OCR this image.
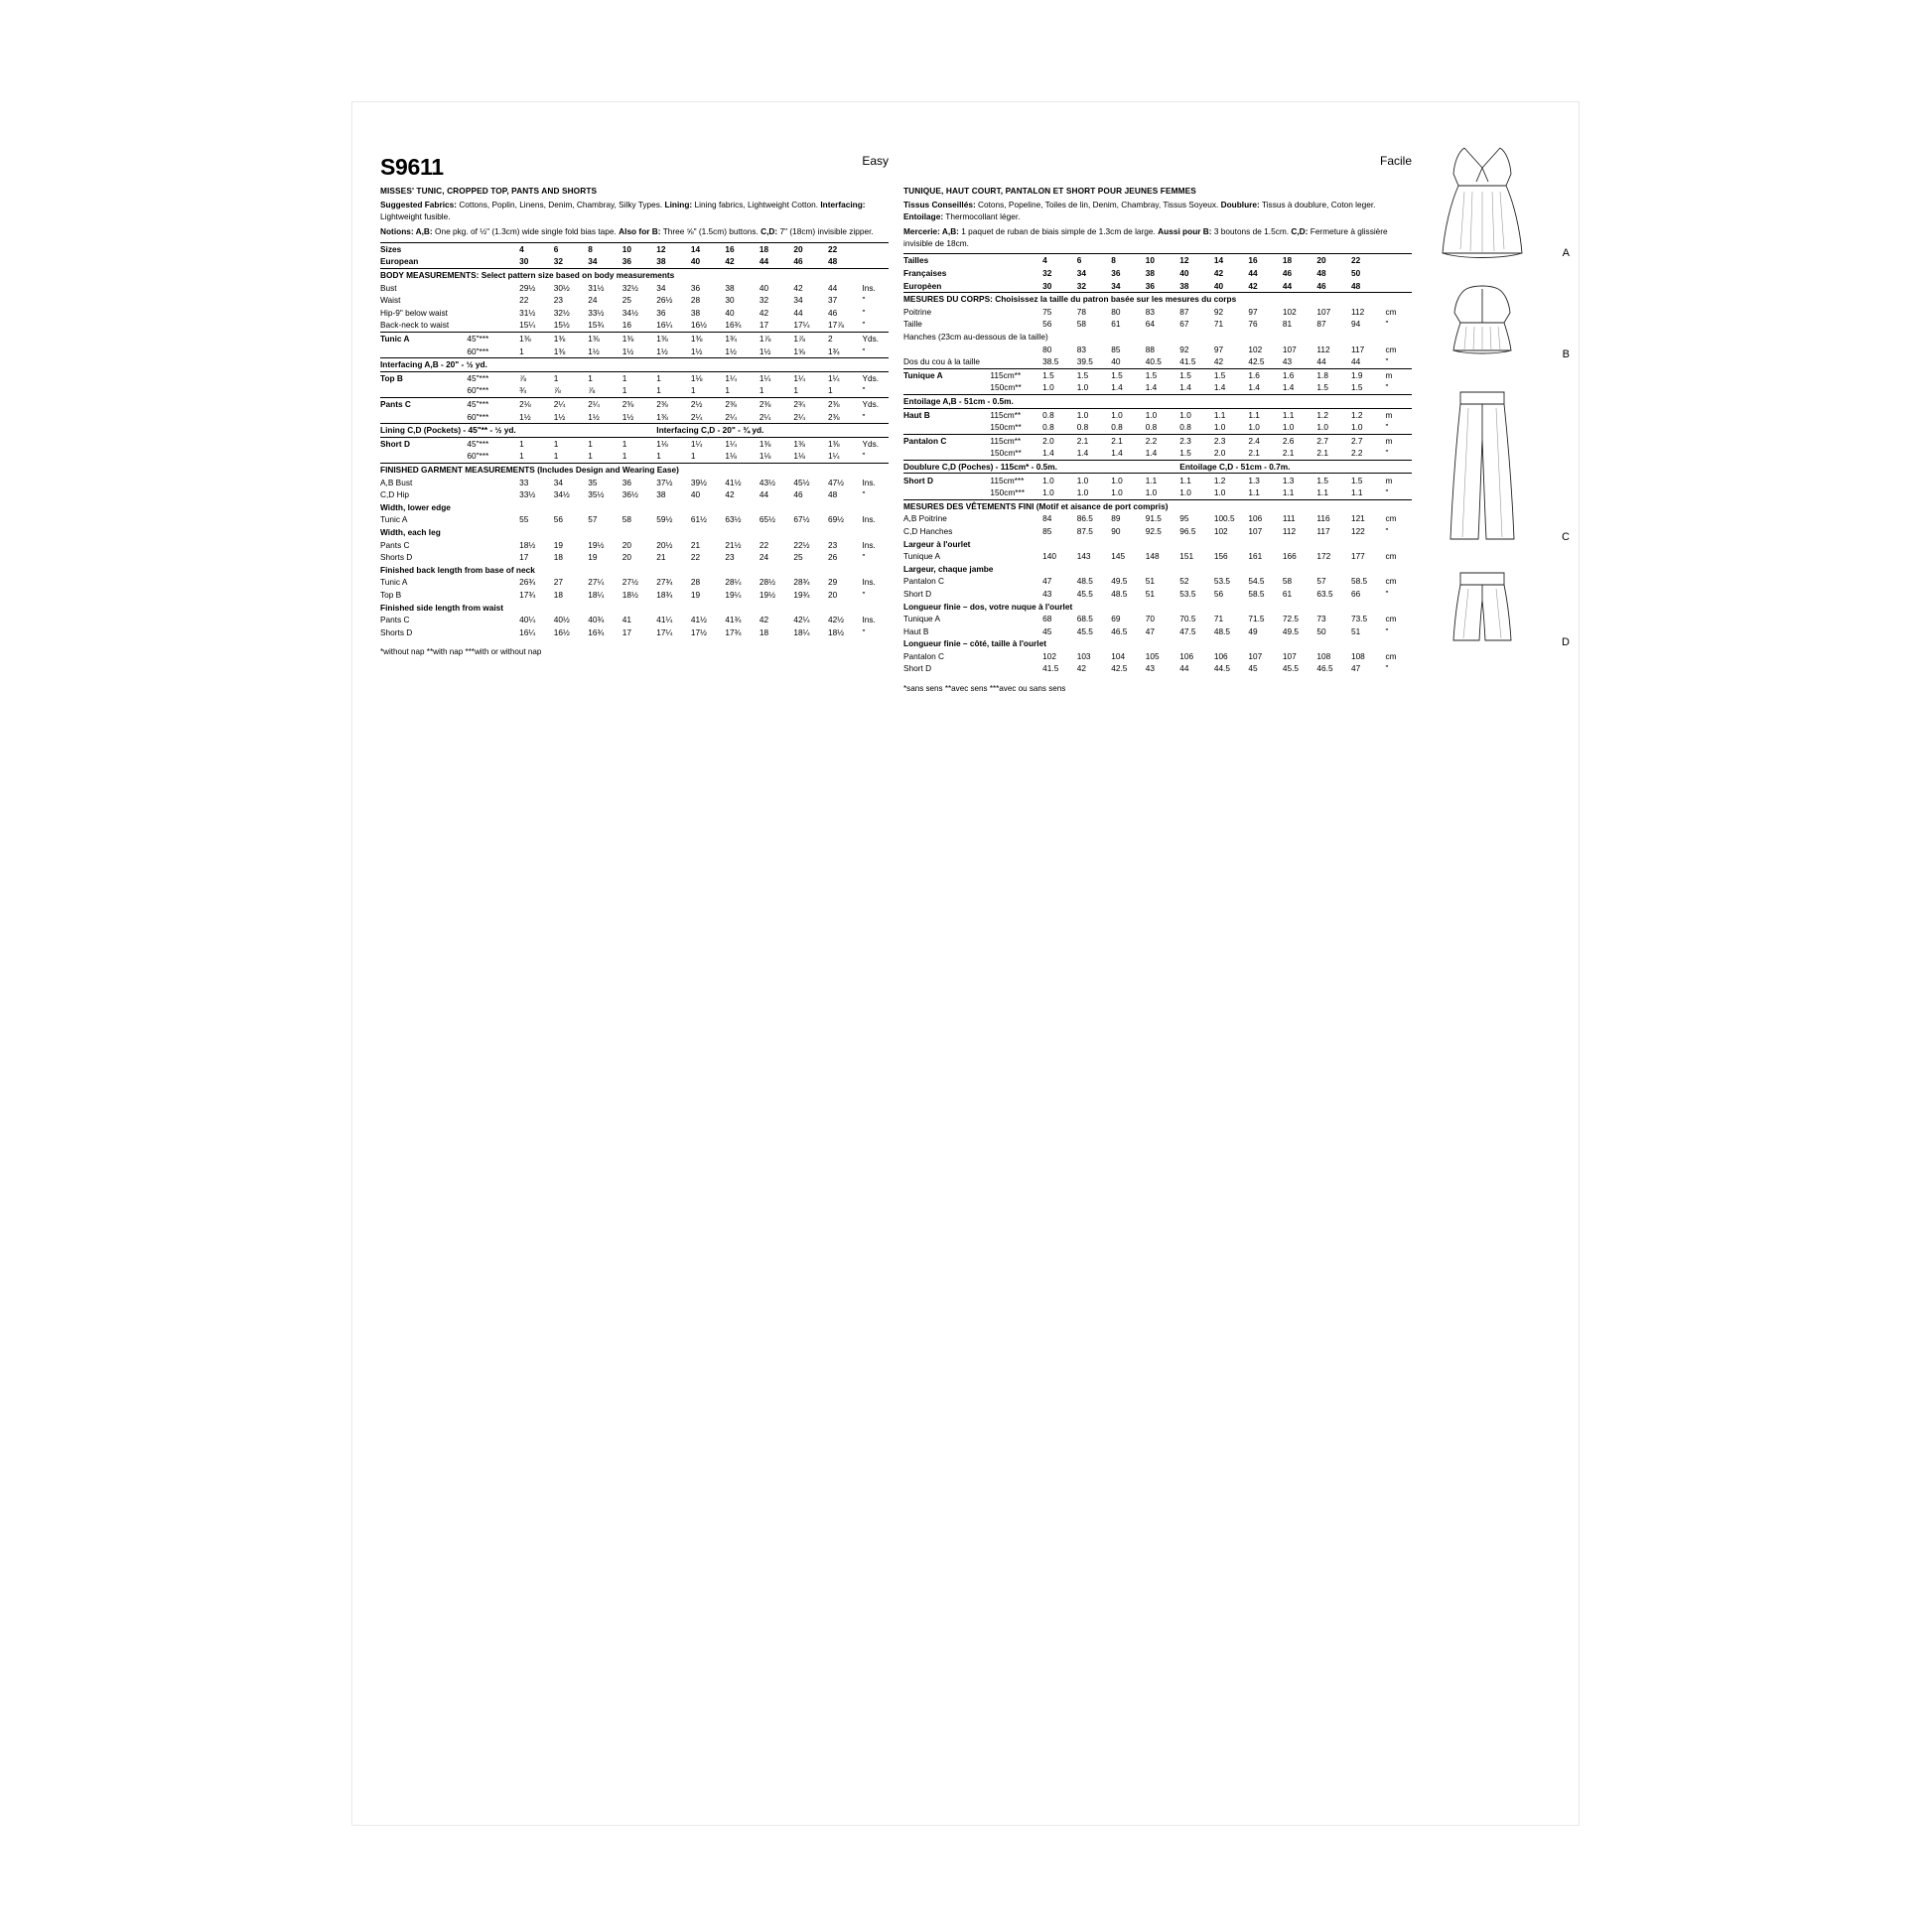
S9611	Easy
MISSES' TUNIC, CROPPED TOP, PANTS AND SHORTS
Suggested Fabrics: Cottons, Poplin, Linens, Denim, Chambray, Silky Types. Lining: Lining fabrics, Lightweight Cotton. Interfacing: Lightweight fusible.
Notions: A,B: One pkg. of ½" (1.3cm) wide single fold bias tape. Also for B: Three ⅝" (1.5cm) buttons. C,D: 7" (18cm) invisible zipper.
Sizes		4	6	8	10	12	14	16	18	20	22	
European		30	32	34	36	38	40	42	44	46	48	
BODY MEASUREMENTS: Select pattern size based on body measurements												
Bust		29½	30½	31½	32½	34	36	38	40	42	44	Ins.
Waist		22	23	24	25	26½	28	30	32	34	37	"
Hip-9" below waist		31½	32½	33½	34½	36	38	40	42	44	46	"
Back-neck to waist		15¼	15½	15¾	16	16¼	16½	16¾	17	17¼	17⅞	"
Tunic A	45"***	1⅜	1⅜	1⅜	1⅜	1⅜	1⅜	1¾	1⅞	1⅞	2	Yds.
	60"***	1	1⅜	1½	1½	1½	1½	1½	1½	1⅝	1¾	"
Interfacing A,B - 20" - ½ yd.												
Top B	45"***	⅞	1	1	1	1	1⅛	1¼	1¼	1¼	1¼	Yds.
	60"***	¾	⅞	⅞	1	1	1	1	1	1	1	"
Pants C	45"***	2⅛	2¼	2¼	2⅜	2⅜	2½	2⅜	2⅜	2¾	2⅜	Yds.
	60"***	1½	1½	1½	1½	1⅜	2¼	2¼	2¼	2¼	2⅜	"
Lining C,D (Pockets) - 45"** - ½ yd.						Interfacing C,D - 20" - ¾ yd.						
Short D	45"***	1	1	1	1	1⅛	1¼	1¼	1⅜	1⅜	1⅜	Yds.
	60"***	1	1	1	1	1	1	1⅛	1⅛	1⅛	1¼	"
FINISHED GARMENT MEASUREMENTS (Includes Design and Wearing Ease)												
A,B Bust		33	34	35	36	37½	39½	41½	43½	45½	47½	Ins.
C,D Hip		33½	34½	35½	36½	38	40	42	44	46	48	"
Width, lower edge												
Tunic A		55	56	57	58	59½	61½	63½	65½	67½	69½	Ins.
Width, each leg												
Pants C		18½	19	19½	20	20½	21	21½	22	22½	23	Ins.
Shorts D		17	18	19	20	21	22	23	24	25	26	"
Finished back length from base of neck												
Tunic A		26¾	27	27¼	27½	27¾	28	28¼	28½	28¾	29	Ins.
Top B		17¾	18	18¼	18½	18¾	19	19¼	19½	19¾	20	"
Finished side length from waist												
Pants C		40¼	40½	40¾	41	41¼	41½	41¾	42	42¼	42½	Ins.
Shorts D		16¼	16½	16¾	17	17¼	17½	17¾	18	18¼	18½	"
*without nap **with nap ***with or without nap
Facile
TUNIQUE, HAUT COURT, PANTALON ET SHORT POUR JEUNES FEMMES
Tissus Conseillés: Cotons, Popeline, Toiles de lin, Denim, Chambray, Tissus Soyeux. Doublure: Tissus à doublure, Coton leger. Entoilage: Thermocollant léger.
Mercerie: A,B: 1 paquet de ruban de biais simple de 1.3cm de large. Aussi pour B: 3 boutons de 1.5cm. C,D: Fermeture à glissière invisible de 18cm.
Tailles		4	6	8	10	12	14	16	18	20	22	
Françaises		32	34	36	38	40	42	44	46	48	50	
Europèen		30	32	34	36	38	40	42	44	46	48	
MESURES DU CORPS: Choisissez la taille du patron basée sur les mesures du corps												
Poitrine		75	78	80	83	87	92	97	102	107	112	cm
Taille		56	58	61	64	67	71	76	81	87	94	"
Hanches (23cm au-dessous de la taille)												
		80	83	85	88	92	97	102	107	112	117	cm
Dos du cou à la taille		38.5	39.5	40	40.5	41.5	42	42.5	43	44	44	"
Tunique A	115cm**	1.5	1.5	1.5	1.5	1.5	1.5	1.6	1.6	1.8	1.9	m
	150cm**	1.0	1.0	1.4	1.4	1.4	1.4	1.4	1.4	1.5	1.5	"
Entoilage A,B - 51cm - 0.5m.												
Haut B	115cm**	0.8	1.0	1.0	1.0	1.0	1.1	1.1	1.1	1.2	1.2	m
	150cm**	0.8	0.8	0.8	0.8	0.8	1.0	1.0	1.0	1.0	1.0	"
Pantalon C	115cm**	2.0	2.1	2.1	2.2	2.3	2.3	2.4	2.6	2.7	2.7	m
	150cm**	1.4	1.4	1.4	1.4	1.5	2.0	2.1	2.1	2.1	2.2	"
Doublure C,D (Poches) - 115cm* - 0.5m.						Entoilage C,D - 51cm - 0.7m.						
Short D	115cm***	1.0	1.0	1.0	1.1	1.1	1.2	1.3	1.3	1.5	1.5	m
	150cm***	1.0	1.0	1.0	1.0	1.0	1.0	1.1	1.1	1.1	1.1	"
MESURES DES VÊTEMENTS FINI (Motif et aisance de port compris)												
A,B Poitrine		84	86.5	89	91.5	95	100.5	106	111	116	121	cm
C,D Hanches		85	87.5	90	92.5	96.5	102	107	112	117	122	"
Largeur à l'ourlet												
Tunique A		140	143	145	148	151	156	161	166	172	177	cm
Largeur, chaque jambe												
Pantalon C		47	48.5	49.5	51	52	53.5	54.5	58	57	58.5	cm
Short D		43	45.5	48.5	51	53.5	56	58.5	61	63.5	66	"
Longueur finie – dos, votre nuque à l'ourlet												
Tunique A		68	68.5	69	70	70.5	71	71.5	72.5	73	73.5	cm
Haut B		45	45.5	46.5	47	47.5	48.5	49	49.5	50	51	"
Longueur finie – côté, taille à l'ourlet												
Pantalon C		102	103	104	105	106	106	107	107	108	108	cm
Short D		41.5	42	42.5	43	44	44.5	45	45.5	46.5	47	"
*sans sens **avec sens ***avec ou sans sens
A
B
C
D
